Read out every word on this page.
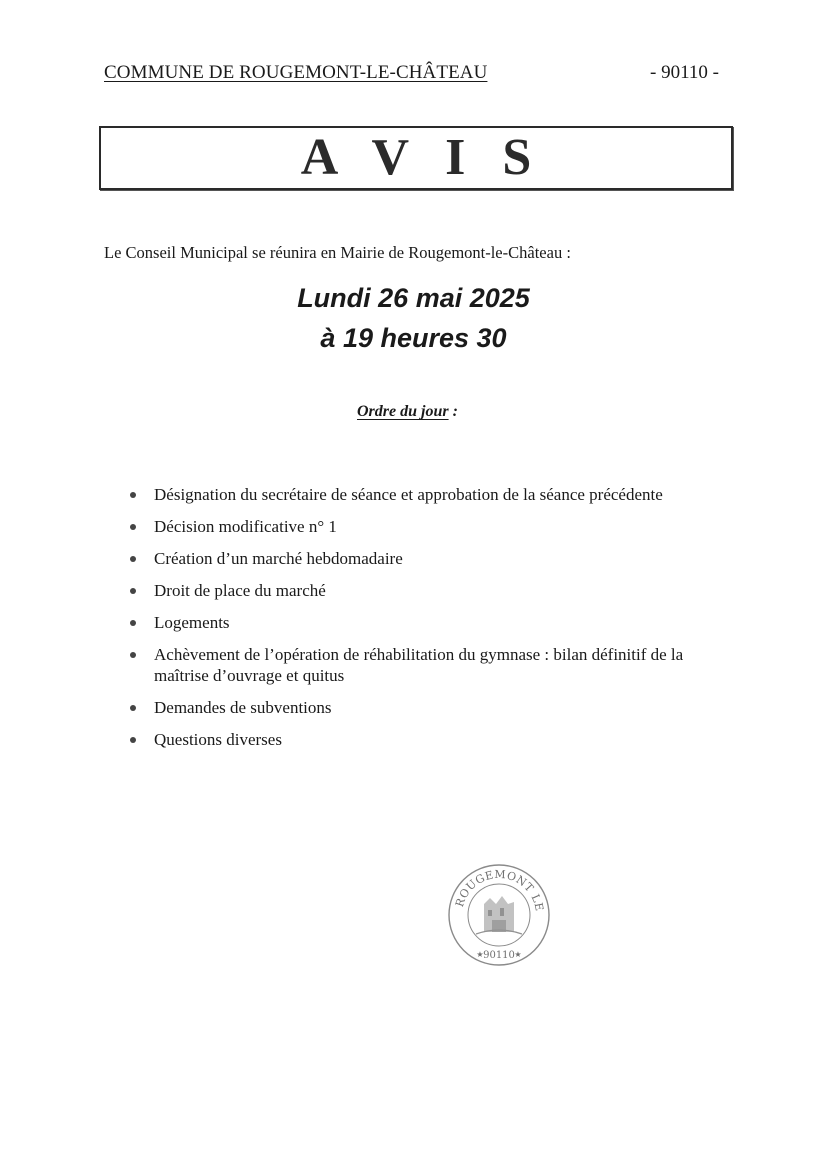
COMMUNE DE ROUGEMONT-LE-CHÂTEAU	- 90110 -
A V I S
Le Conseil Municipal se réunira en Mairie de Rougemont-le-Château :
Lundi 26 mai 2025
à 19 heures 30
Ordre du jour :
Désignation du secrétaire de séance et approbation de la séance précédente
Décision modificative n° 1
Création d’un marché hebdomadaire
Droit de place du marché
Logements
Achèvement de l’opération de réhabilitation du gymnase : bilan définitif de la maîtrise d’ouvrage et quitus
Demandes de subventions
Questions diverses
ROUGEMONT LE
90110
★	★
